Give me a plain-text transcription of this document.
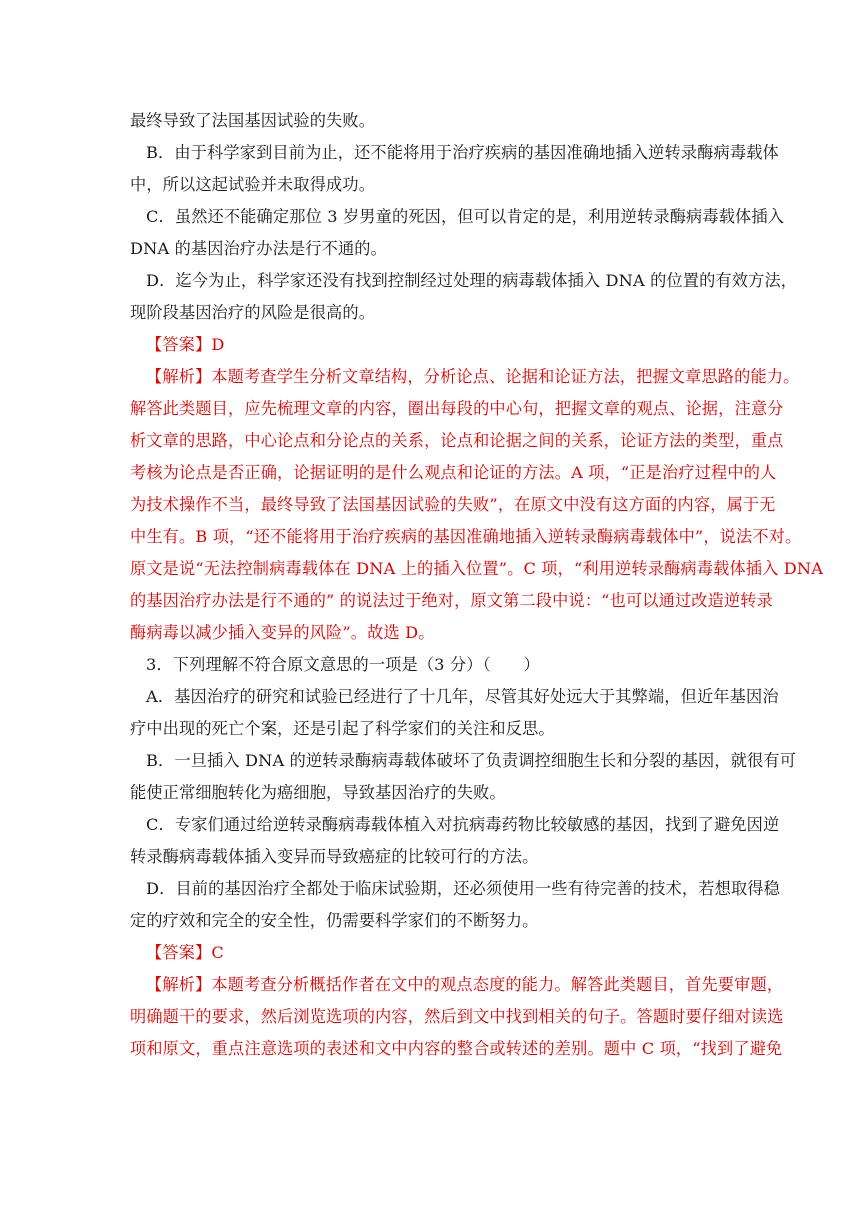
最终导致了法国基因试验的失败。
B．由于科学家到目前为止，还不能将用于治疗疾病的基因准确地插入逆转录酶病毒载体
中，所以这起试验并未取得成功。
C．虽然还不能确定那位 3 岁男童的死因，但可以肯定的是，利用逆转录酶病毒载体插入
DNA 的基因治疗办法是行不通的。
D．迄今为止，科学家还没有找到控制经过处理的病毒载体插入 DNA 的位置的有效方法，
现阶段基因治疗的风险是很高的。
【答案】D
【解析】本题考查学生分析文章结构，分析论点、论据和论证方法，把握文章思路的能力。
解答此类题目，应先梳理文章的内容，圈出每段的中心句，把握文章的观点、论据，注意分
析文章的思路，中心论点和分论点的关系，论点和论据之间的关系，论证方法的类型，重点
考核为论点是否正确，论据证明的是什么观点和论证的方法。A 项，“正是治疗过程中的人
为技术操作不当，最终导致了法国基因试验的失败”，在原文中没有这方面的内容，属于无
中生有。B 项，“还不能将用于治疗疾病的基因准确地插入逆转录酶病毒载体中”，说法不对。
原文是说“无法控制病毒载体在 DNA 上的插入位置”。C 项，“利用逆转录酶病毒载体插入 DNA
的基因治疗办法是行不通的” 的说法过于绝对，原文第二段中说：“也可以通过改造逆转录
酶病毒以减少插入变异的风险”。故选 D。
3．下列理解不符合原文意思的一项是（3 分）（　　）
A．基因治疗的研究和试验已经进行了十几年，尽管其好处远大于其弊端，但近年基因治
疗中出现的死亡个案，还是引起了科学家们的关注和反思。
B．一旦插入 DNA 的逆转录酶病毒载体破坏了负责调控细胞生长和分裂的基因，就很有可
能使正常细胞转化为癌细胞，导致基因治疗的失败。
C．专家们通过给逆转录酶病毒载体植入对抗病毒药物比较敏感的基因，找到了避免因逆
转录酶病毒载体插入变异而导致癌症的比较可行的方法。
D．目前的基因治疗全都处于临床试验期，还必须使用一些有待完善的技术，若想取得稳
定的疗效和完全的安全性，仍需要科学家们的不断努力。
【答案】C
【解析】本题考查分析概括作者在文中的观点态度的能力。解答此类题目，首先要审题，
明确题干的要求，然后浏览选项的内容，然后到文中找到相关的句子。答题时要仔细对读选
项和原文，重点注意选项的表述和文中内容的整合或转述的差别。题中 C 项，“找到了避免
